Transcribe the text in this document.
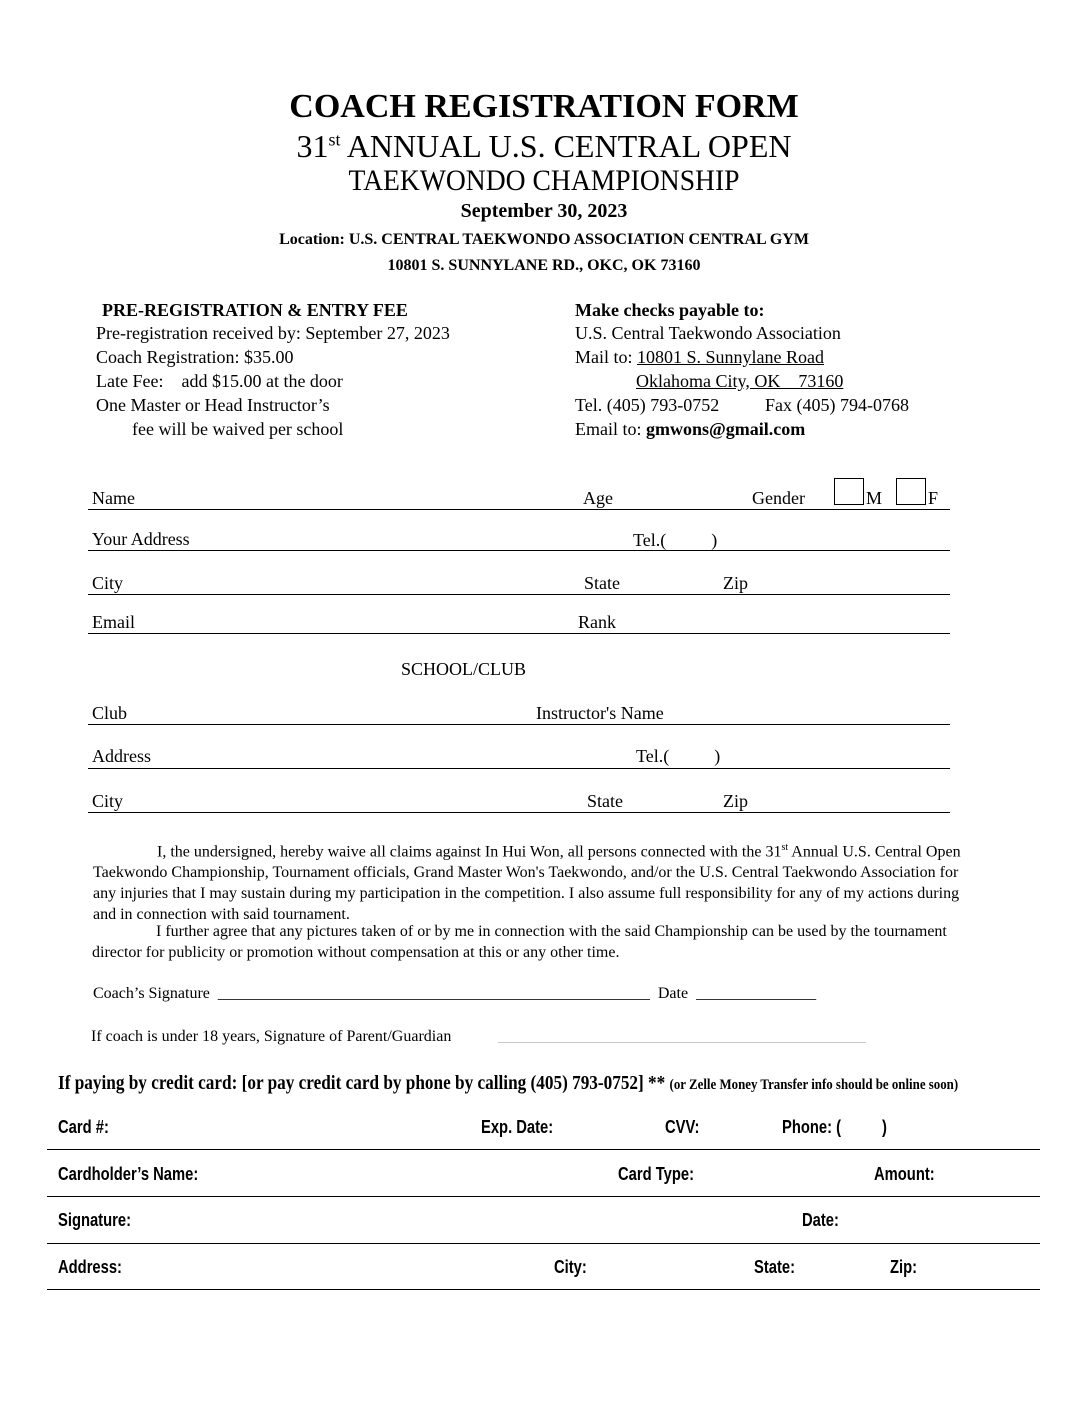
COACH REGISTRATION FORM
31st ANNUAL U.S. CENTRAL OPEN
TAEKWONDO CHAMPIONSHIP
September 30, 2023
Location: U.S. CENTRAL TAEKWONDO ASSOCIATION CENTRAL GYM
10801 S. SUNNYLANE RD., OKC, OK 73160
PRE-REGISTRATION & ENTRY FEE
Pre-registration received by: September 27, 2023
Coach Registration: $35.00
Late Fee:    add $15.00 at the door
One Master or Head Instructor’s
fee will be waived per school
Make checks payable to:
U.S. Central Taekwondo Association
Mail to: 10801 S. Sunnylane Road
Oklahoma City, OK    73160
Tel. (405) 793-0752	Fax (405) 794-0768
Email to: gmwons@gmail.com
Name	Age	Gender	M	F
Your Address	Tel.(          )
City	State	Zip
Email	Rank
SCHOOL/CLUB
Club	Instructor's Name
Address	Tel.(          )
City	State	Zip
I, the undersigned, hereby waive all claims against In Hui Won, all persons connected with the 31st Annual U.S. Central Open Taekwondo Championship, Tournament officials, Grand Master Won's Taekwondo, and/or the U.S. Central Taekwondo Association for any injuries that I may sustain during my participation in the competition. I also assume full responsibility for any of my actions during and in connection with said tournament.
I further agree that any pictures taken of or by me in connection with the said Championship can be used by the tournament director for publicity or promotion without compensation at this or any other time.
Coach’s Signature  ______________________________________________________  Date  _______________
If coach is under 18 years, Signature of Parent/Guardian	______________________________________________
If paying by credit card: [or pay credit card by phone by calling (405) 793-0752] ** (or Zelle Money Transfer info should be online soon)
Card #:	Exp. Date:	CVV:	Phone: (          )
Cardholder’s Name:	Card Type:	Amount:
Signature:	Date:
Address:	City:	State:	Zip:
